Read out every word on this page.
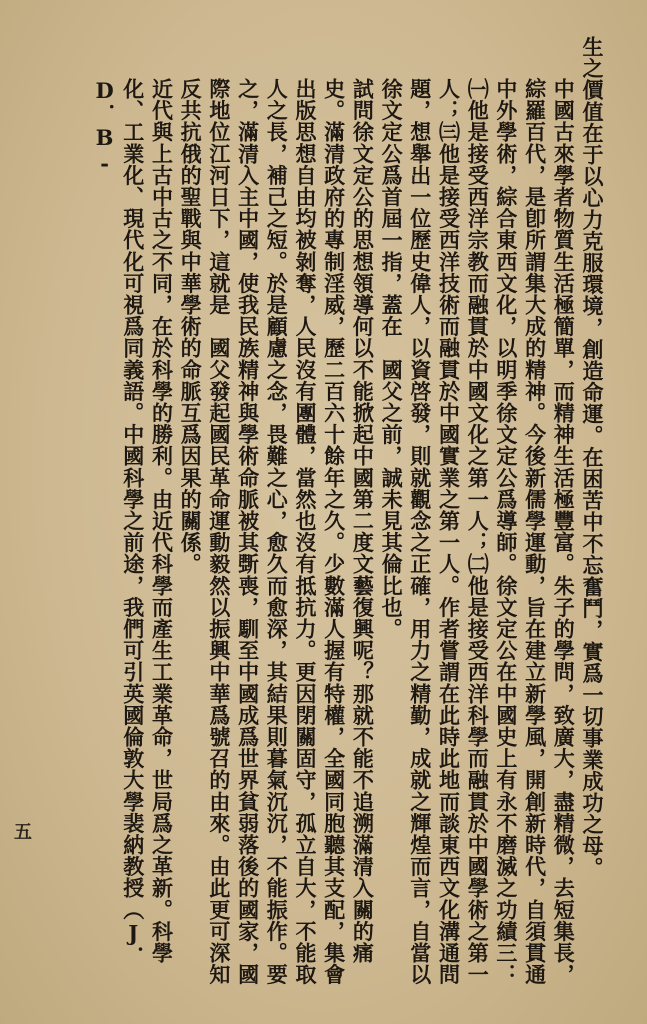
生之價值在于以心力克服環境，創造命運。在困苦中不忘奮鬥，實爲一切事業成功之母。

中國古來學者物質生活極簡單，而精神生活極豐富。朱子的學問，致廣大，盡精微，去短集長，綜羅百代，是卽所謂集大成的精神。今後新儒學運動，旨在建立新學風，開創新時代，自須貫通中外學術，綜合東西文化，以明季徐文定公爲導師。徐文定公在中國史上有永不磨滅之功績三：㈠他是接受西洋宗教而融貫於中國文化之第一人；㈡他是接受西洋科學而融貫於中國學術之第一人；㈢他是接受西洋技術而融貫於中國實業之第一人。作者嘗謂在此時此地而談東西文化溝通問題，想舉出一位歷史偉人，以資啓發，則就觀念之正確，用力之精勤，成就之輝煌而言，自當以徐文定公爲首屆一指，蓋在　國父之前，誠未見其倫比也。

試問徐文定公的思想領導何以不能掀起中國第二度文藝復興呢？那就不能不追溯滿清入關的痛史。滿清政府的專制淫威，歷二百六十餘年之久。少數滿人握有特權，全國同胞聽其支配，集會出版思想自由均被剝奪，人民沒有團體，當然也沒有抵抗力。更因閉關固守，孤立自大，不能取人之長，補己之短。於是顧慮之念，畏難之心，愈久而愈深，其結果則暮氣沉沉，不能振作。要之，滿清入主中國，使我民族精神與學術命脈被其斲喪，馴至中國成爲世界貧弱落後的國家，國際地位江河日下，這就是　國父發起國民革命運動毅然以振興中華爲號召的由來。由此更可深知反共抗俄的聖戰與中華學術的命脈互爲因果的關係。

近代與上古中古之不同，在於科學的勝利。由近代科學而產生工業革命，世局爲之革新。科學化、工業化、現代化可視爲同義語。中國科學之前途，我們可引英國倫敦大學裴納教授（J．D．B-

五
